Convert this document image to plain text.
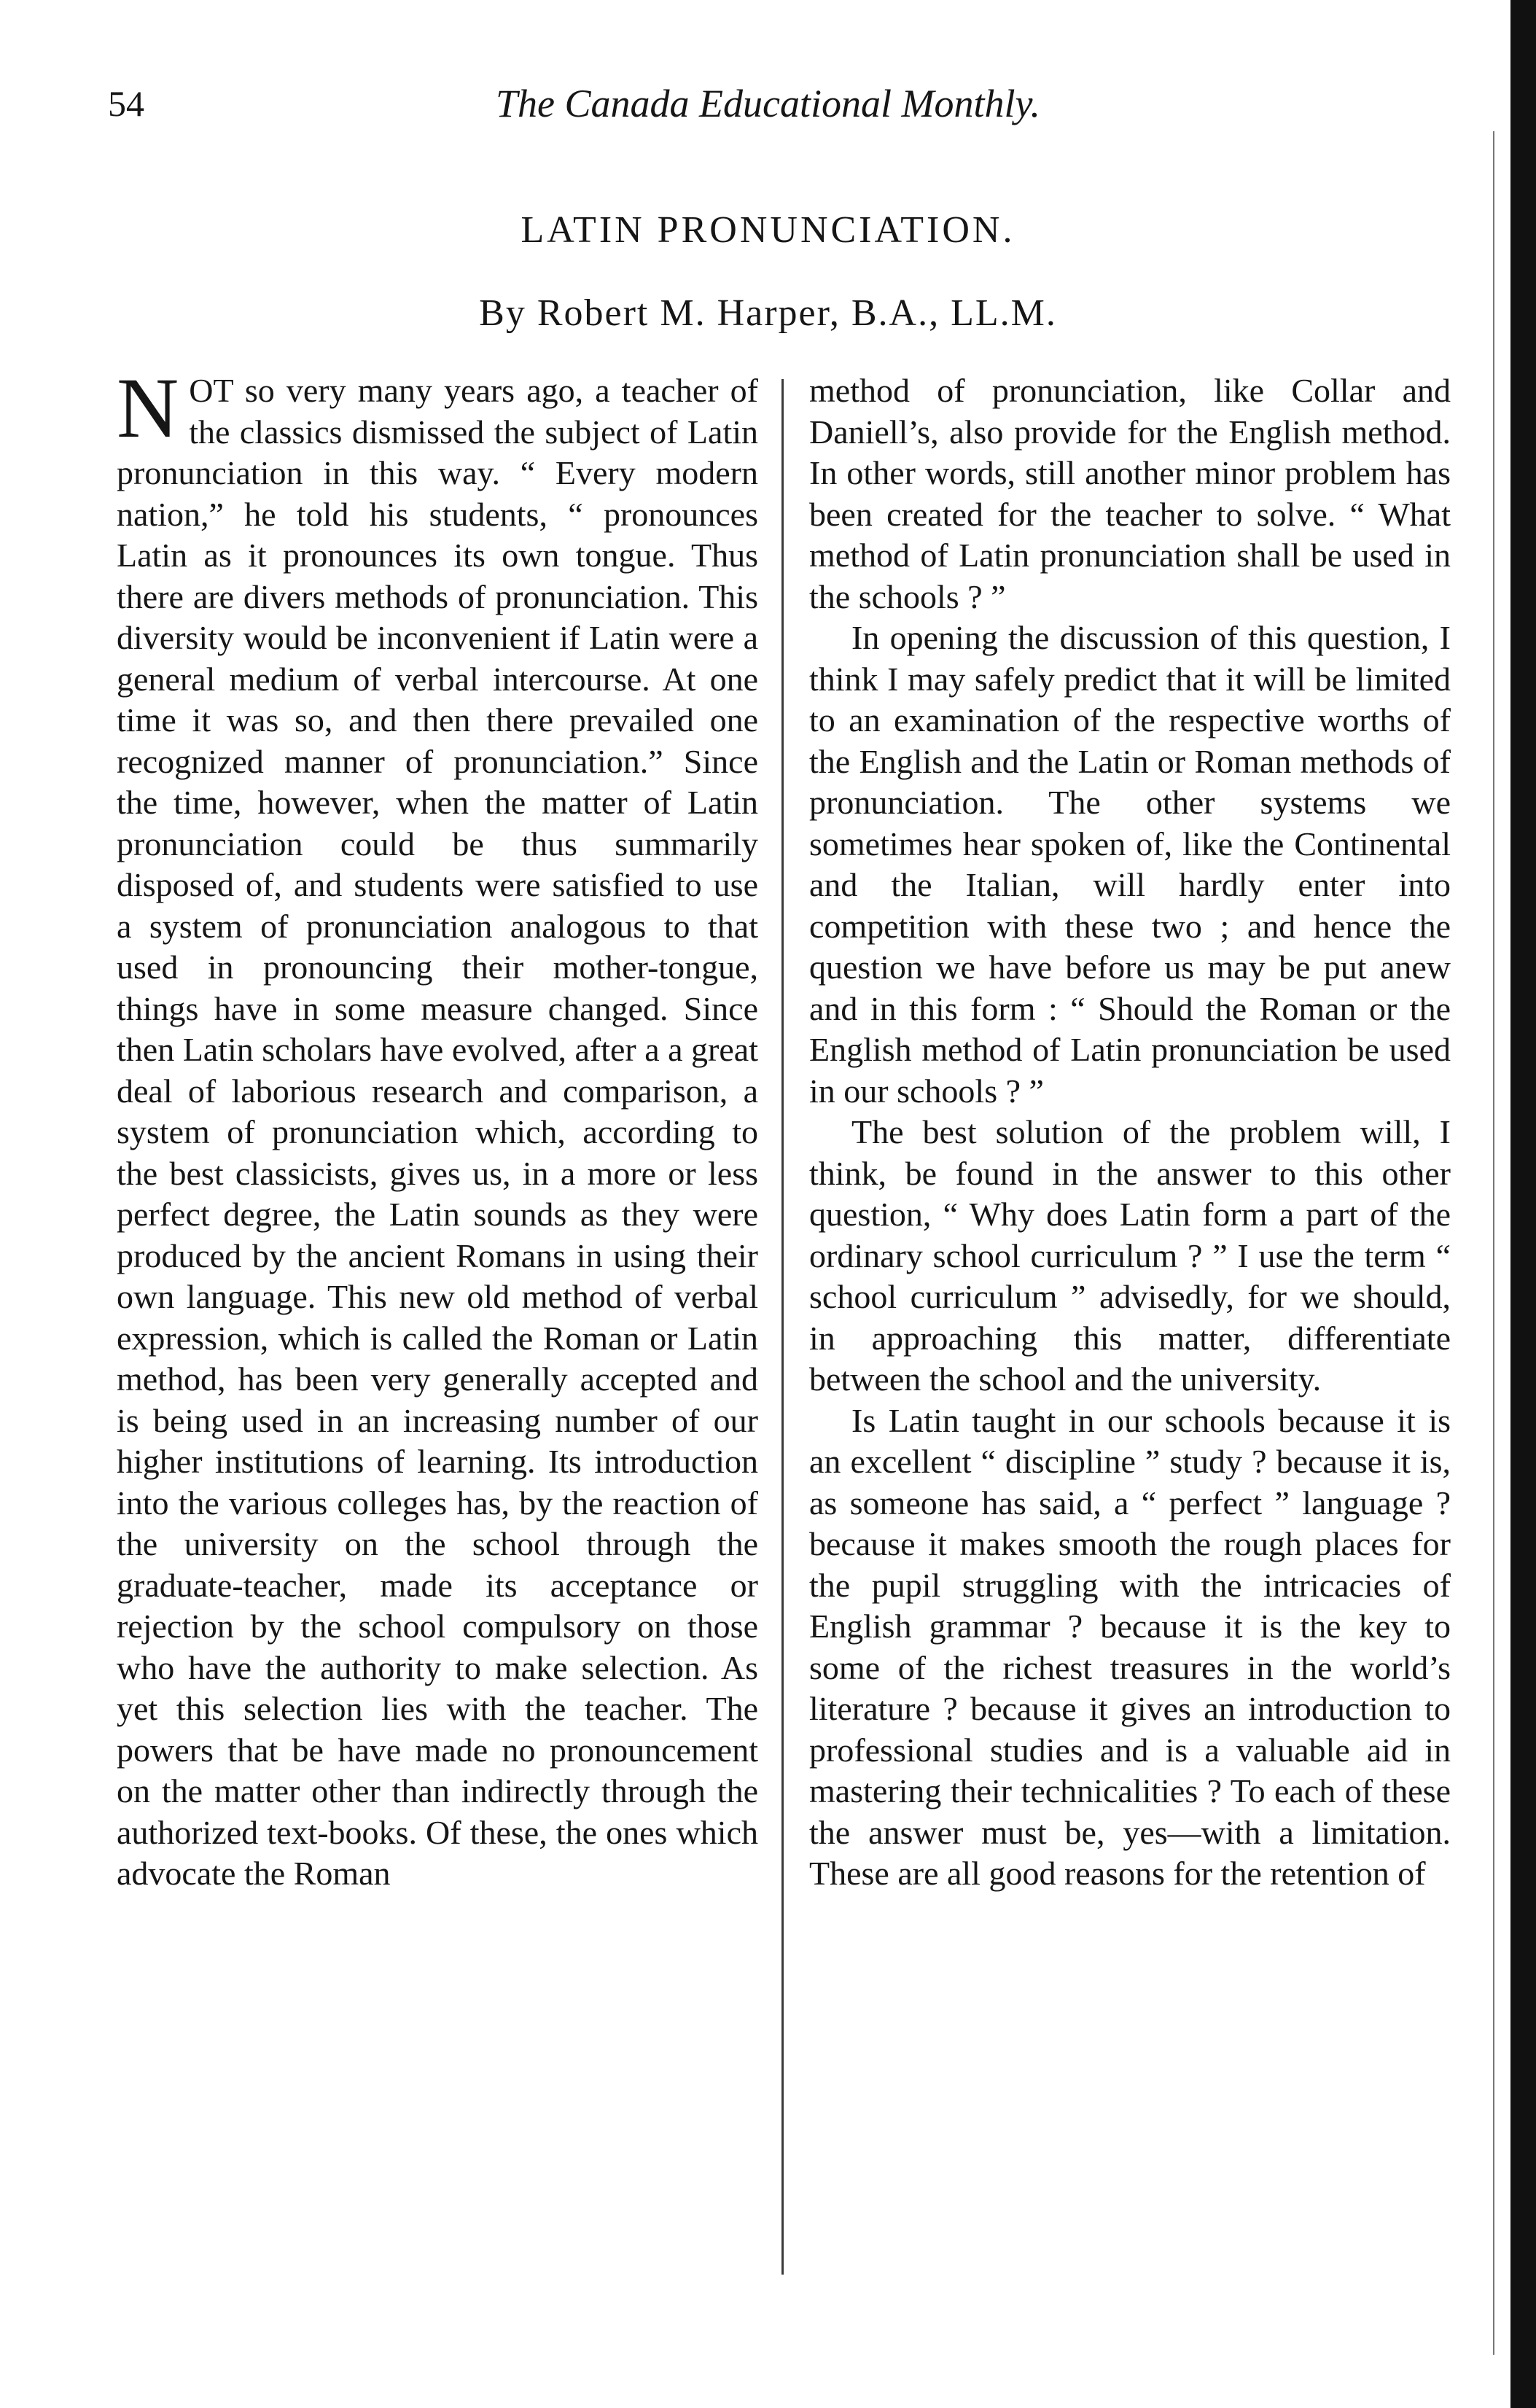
54	The Canada Educational Monthly.
LATIN PRONUNCIATION.
By Robert M. Harper, B.A., LL.M.

NOT so very many years ago, a teacher of the classics dismissed the subject of Latin pronunciation in this way. “ Every modern nation,” he told his students, “ pronounces Latin as it pronounces its own tongue. Thus there are divers methods of pronunciation. This diversity would be inconvenient if Latin were a general medium of verbal intercourse. At one time it was so, and then there prevailed one recognized manner of pronunciation.” Since the time, however, when the matter of Latin pronunciation could be thus summarily disposed of, and students were satisfied to use a system of pronunciation analogous to that used in pronouncing their mother-tongue, things have in some measure changed. Since then Latin scholars have evolved, after a a great deal of laborious research and comparison, a system of pronunciation which, according to the best classicists, gives us, in a more or less perfect degree, the Latin sounds as they were produced by the ancient Romans in using their own language. This new old method of verbal expression, which is called the Roman or Latin method, has been very generally accepted and is being used in an increasing number of our higher institutions of learning. Its introduction into the various colleges has, by the reaction of the university on the school through the graduate-teacher, made its acceptance or rejection by the school compulsory on those who have the authority to make selection. As yet this selection lies with the teacher. The powers that be have made no pronouncement on the matter other than indirectly through the authorized text-books. Of these, the ones which advocate the Roman

method of pronunciation, like Collar and Daniell’s, also provide for the English method. In other words, still another minor problem has been created for the teacher to solve. “ What method of Latin pronunciation shall be used in the schools ? ”

In opening the discussion of this question, I think I may safely predict that it will be limited to an examination of the respective worths of the English and the Latin or Roman methods of pronunciation. The other systems we sometimes hear spoken of, like the Continental and the Italian, will hardly enter into competition with these two ; and hence the question we have before us may be put anew and in this form : “ Should the Roman or the English method of Latin pronunciation be used in our schools ? ”

The best solution of the problem will, I think, be found in the answer to this other question, “ Why does Latin form a part of the ordinary school curriculum ? ” I use the term “ school curriculum ” advisedly, for we should, in approaching this matter, differentiate between the school and the university.

Is Latin taught in our schools because it is an excellent “ discipline ” study ? because it is, as someone has said, a “ perfect ” language ? because it makes smooth the rough places for the pupil struggling with the intricacies of English grammar ? because it is the key to some of the richest treasures in the world’s literature ? because it gives an introduction to professional studies and is a valuable aid in mastering their technicalities ? To each of these the answer must be, yes—with a limitation. These are all good reasons for the retention of
